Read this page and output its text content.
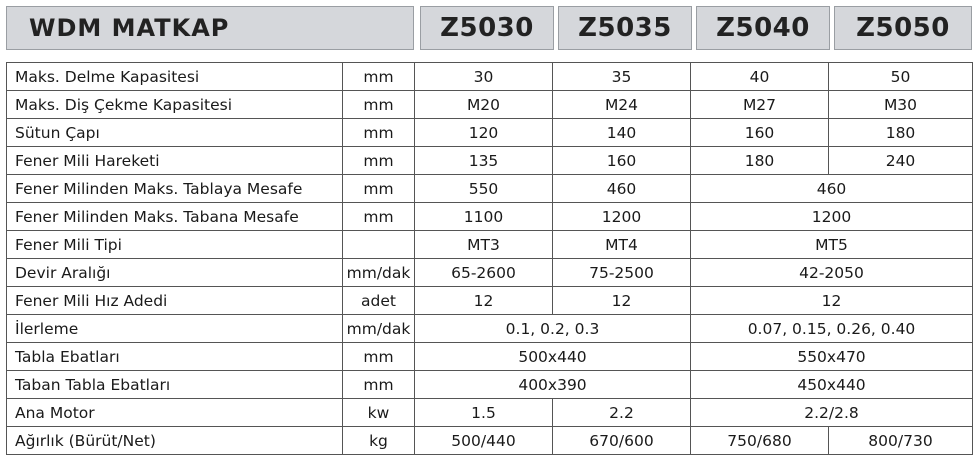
WDM MATKAP	Z5030	Z5035	Z5040	Z5050
Maks. Delme Kapasitesi	mm	30	35	40	50
Maks. Diş Çekme Kapasitesi	mm	M20	M24	M27	M30
Sütun Çapı	mm	120	140	160	180
Fener Mili Hareketi	mm	135	160	180	240
Fener Milinden Maks. Tablaya Mesafe	mm	550	460	460	
Fener Milinden Maks. Tabana Mesafe	mm	1100	1200	1200	
Fener Mili Tipi		MT3	MT4	MT5	
Devir Aralığı	mm/dak	65-2600	75-2500	42-2050	
Fener Mili Hız Adedi	adet	12	12	12	
İlerleme	mm/dak	0.1, 0.2, 0.3		0.07, 0.15, 0.26, 0.40	
Tabla Ebatları	mm	500x440		550x470	
Taban Tabla Ebatları	mm	400x390		450x440	
Ana Motor	kw	1.5	2.2	2.2/2.8	
Ağırlık (Bürüt/Net)	kg	500/440	670/600	750/680	800/730
